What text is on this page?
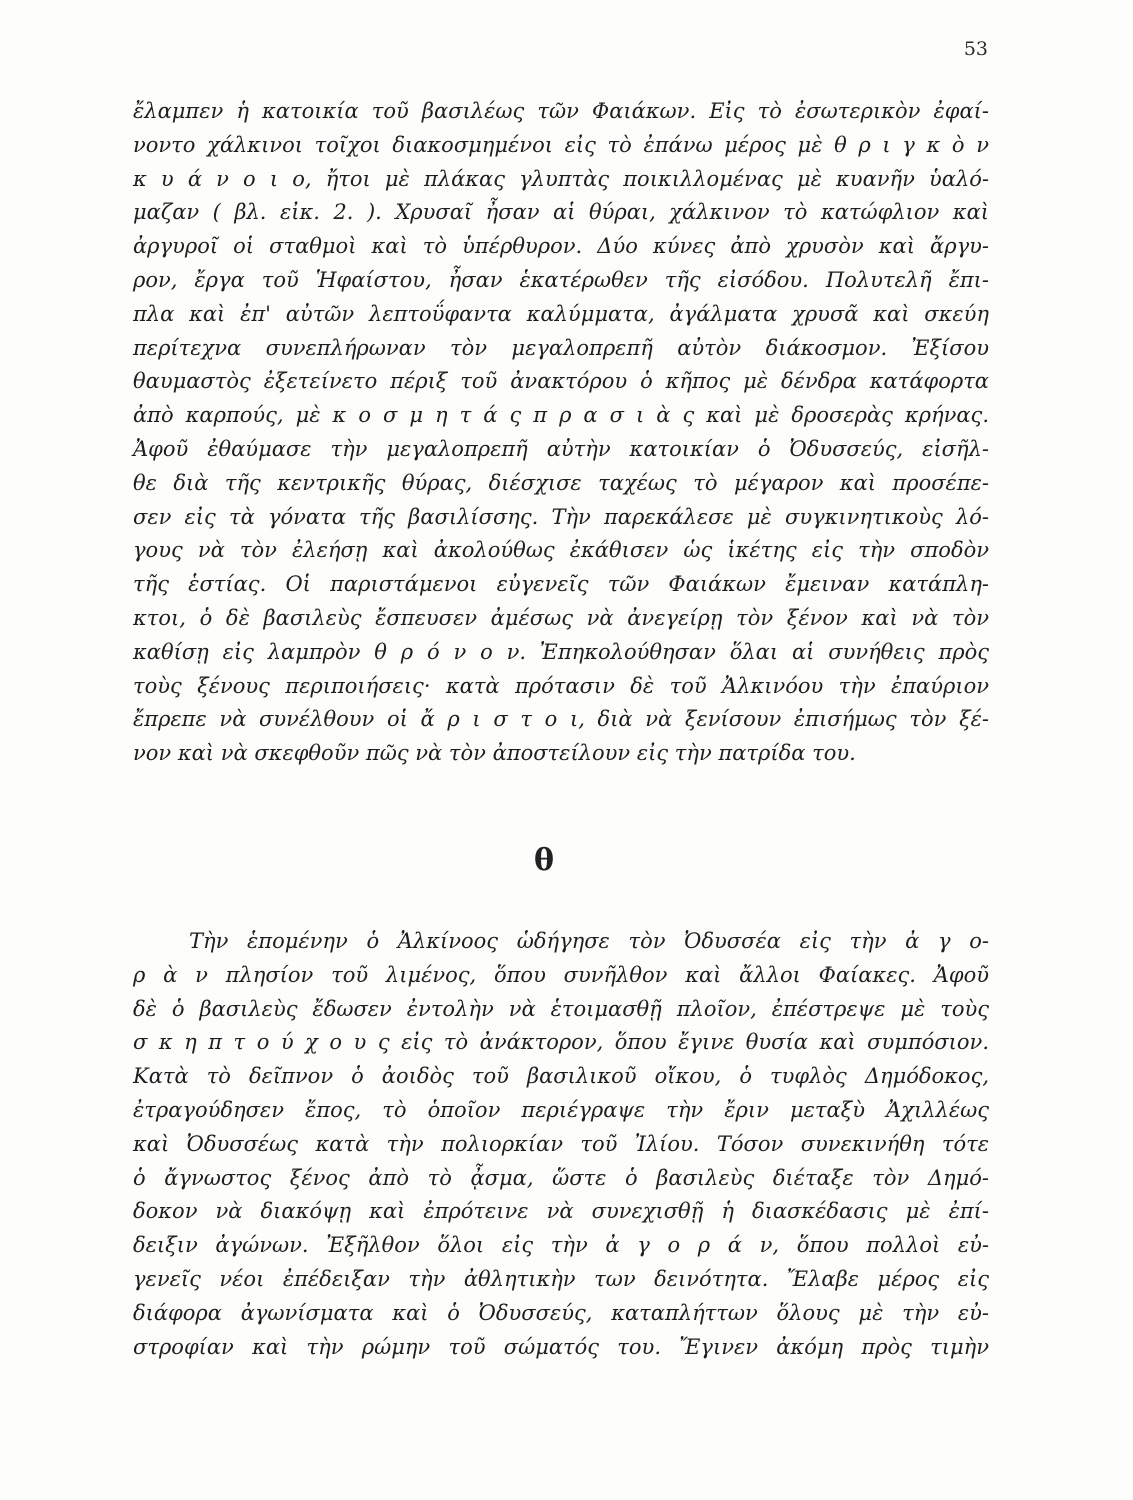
53
ἔλαμπεν ἡ κατοικία τοῦ βασιλέως τῶν Φαιάκων. Εἰς τὸ ἐσωτερικὸν ἐφαί-
νοντο χάλκινοι τοῖχοι διακοσμημένοι εἰς τὸ ἐπάνω μέρος μὲ θ ρ ι γ κ ὸ ν
κ υ ά ν ο ι ο, ἤτοι μὲ πλάκας γλυπτὰς ποικιλλομένας μὲ κυανῆν ὑαλό-
μαζαν ( βλ. εἰκ. 2. ). Χρυσαῖ ἦσαν αἱ θύραι, χάλκινον τὸ κατώφλιον καὶ
ἀργυροῖ οἱ σταθμοὶ καὶ τὸ ὑπέρθυρον. Δύο κύνες ἀπὸ χρυσὸν καὶ ἄργυ-
ρον, ἔργα τοῦ Ἡφαίστου, ἦσαν ἑκατέρωθεν τῆς εἰσόδου. Πολυτελῆ ἔπι-
πλα καὶ ἐπ' αὐτῶν λεπτοΰφαντα καλύμματα, ἀγάλματα χρυσᾶ καὶ σκεύη
περίτεχνα συνεπλήρωναν τὸν μεγαλοπρεπῆ αὐτὸν διάκοσμον. Ἐξίσου
θαυμαστὸς ἐξετείνετο πέριξ τοῦ ἀνακτόρου ὁ κῆπος μὲ δένδρα κατάφορτα
ἀπὸ καρπούς, μὲ κ ο σ μ η τ ά ς π ρ α σ ι ὰ ς καὶ μὲ δροσερὰς κρήνας.
Ἀφοῦ ἐθαύμασε τὴν μεγαλοπρεπῆ αὐτὴν κατοικίαν ὁ Ὀδυσσεύς, εἰσῆλ-
θε διὰ τῆς κεντρικῆς θύρας, διέσχισε ταχέως τὸ μέγαρον καὶ προσέπε-
σεν εἰς τὰ γόνατα τῆς βασιλίσσης. Τὴν παρεκάλεσε μὲ συγκινητικοὺς λό-
γους νὰ τὸν ἐλεήσῃ καὶ ἀκολούθως ἐκάθισεν ὡς ἱκέτης εἰς τὴν σποδὸν
τῆς ἑστίας. Οἱ παριστάμενοι εὐγενεῖς τῶν Φαιάκων ἔμειναν κατάπλη-
κτοι, ὁ δὲ βασιλεὺς ἔσπευσεν ἀμέσως νὰ ἀνεγείρῃ τὸν ξένον καὶ νὰ τὸν
καθίσῃ εἰς λαμπρὸν θ ρ ό ν ο ν. Ἐπηκολούθησαν ὅλαι αἱ συνήθεις πρὸς
τοὺς ξένους περιποιήσεις· κατὰ πρότασιν δὲ τοῦ Ἀλκινόου τὴν ἐπαύριον
ἔπρεπε νὰ συνέλθουν οἱ ἄ ρ ι σ τ ο ι, διὰ νὰ ξενίσουν ἐπισήμως τὸν ξέ-
νον καὶ νὰ σκεφθοῦν πῶς νὰ τὸν ἀποστείλουν εἰς τὴν πατρίδα του.
θ
Τὴν ἑπομένην ὁ Ἀλκίνοος ὡδήγησε τὸν Ὀδυσσέα εἰς τὴν ἀ γ ο-
ρ ὰ ν πλησίον τοῦ λιμένος, ὅπου συνῆλθον καὶ ἄλλοι Φαίακες. Ἀφοῦ
δὲ ὁ βασιλεὺς ἔδωσεν ἐντολὴν νὰ ἑτοιμασθῇ πλοῖον, ἐπέστρεψε μὲ τοὺς
σ κ η π τ ο ύ χ ο υ ς εἰς τὸ ἀνάκτορον, ὅπου ἔγινε θυσία καὶ συμπόσιον.
Κατὰ τὸ δεῖπνον ὁ ἀοιδὸς τοῦ βασιλικοῦ οἴκου, ὁ τυφλὸς Δημόδοκος,
ἐτραγούδησεν ἔπος, τὸ ὁποῖον περιέγραψε τὴν ἔριν μεταξὺ Ἀχιλλέως
καὶ Ὀδυσσέως κατὰ τὴν πολιορκίαν τοῦ Ἰλίου. Τόσον συνεκινήθη τότε
ὁ ἄγνωστος ξένος ἀπὸ τὸ ᾆσμα, ὥστε ὁ βασιλεὺς διέταξε τὸν Δημό-
δοκον νὰ διακόψῃ καὶ ἐπρότεινε νὰ συνεχισθῇ ἡ διασκέδασις μὲ ἐπί-
δειξιν ἀγώνων. Ἐξῆλθον ὅλοι εἰς τὴν ἀ γ ο ρ ά ν, ὅπου πολλοὶ εὐ-
γενεῖς νέοι ἐπέδειξαν τὴν ἀθλητικὴν των δεινότητα. Ἔλαβε μέρος εἰς
διάφορα ἀγωνίσματα καὶ ὁ Ὀδυσσεύς, καταπλήττων ὅλους μὲ τὴν εὐ-
στροφίαν καὶ τὴν ρώμην τοῦ σώματός του. Ἔγινεν ἀκόμη πρὸς τιμὴν
